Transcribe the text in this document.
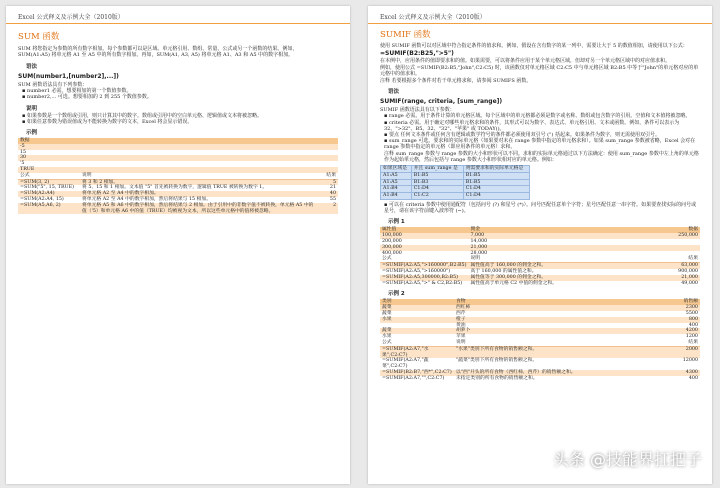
Excel 公式释义及示例大全（2010版）
SUM 函数
SUM 将您指定为参数的所有数字相加。每个参数都可以是区域、单元格引用、数组、常量、公式或另一个函数的结果。例如，
SUM(A1:A5) 将单元格 A1 至 A5 中的所有数字相加。再如，SUM(A1, A3, A5) 将单元格 A1、A3 和 A5 中的数字相加。
语法
SUM(number1,[number2],...])
SUM 函数语法具有下列参数：
▪ number1 必需。想要相加的第一个数值参数。
▪ number2,... 可选。想要相加的 2 到 255 个数值参数。
说明
▪ 如果参数是一个数组或引用，则只计算其中的数字。数组或引用中的空白单元格、逻辑值或文本将被忽略。
▪ 如果任意参数为错误值或为不能转换为数字的文本，Excel 将会显示错误。
示例
数据		
-5		
15		
30		
'5		
TRUE		
公式	说明	结果
=SUM(3, 2)	将 3 和 2 相加。	5
=SUM("5", 15, TRUE)	将 5、15 和 1 相加。文本值 "5" 首先被转换为数字，逻辑值 TRUE 被转换为数字 1。	21
=SUM(A2:A4)	将单元格 A2 至 A4 中的数字相加。	40
=SUM(A2:A4, 15)	将单元格 A2 至 A4 中的数字相加，然后将结果与 15 相加。	55
=SUM(A5,A6, 2)	将单元格 A5 和 A6 中的数字相加，然后将结果与 2 相加。由于引用中的非数字值不被转换，单元格 A5 中的值（'5）和单元格 A6 中的值（TRUE）均被视为文本，所以这些单元格中的值将被忽略。	2
Excel 公式释义及示例大全（2010版）
SUMIF 函数
使用 SUMIF 函数可以对区域中符合指定条件的值求和。例如，假设在含有数字的某一列中，需要让大于 5 的数值相加，请使用以下公式：
=SUMIF(B2:B25,">5")
在本例中，应用条件的值即要求和的值。如果需要，可以将条件应用于某个单元格区域，但却对另一个单元格区域中的对应值求和。
例如，使用公式 =SUMIF(B2:B5,"John",C2:C5) 时，该函数仅对单元格区域 C2:C5 中与单元格区域 B2:B5 中等于"John"的单元格对应的单元格中的值求和。
注释 若要根据多个条件对若干单元格求和，请参阅 SUMIFS 函数。
语法
SUMIF(range, criteria, [sum_range])
SUMIF 函数语法具有以下参数：
▪ range 必需。用于条件计算的单元格区域。每个区域中的单元格都必须是数字或名称、数组或包含数字的引用。空值和文本值将被忽略。
▪ criteria 必需。用于确定对哪些单元格求和的条件，其形式可以为数字、表达式、单元格引用、文本或函数。例如，条件可以表示为 32、">32"、B5、32、"32"、"苹果" 或 TODAY()。
▪ 要点 任何文本条件或任何含有逻辑或数学符号的条件都必须使用双引号 (") 括起来。如果条件为数字，则无需使用双引号。
▪ sum_range 可选。要求和的实际单元格（如果要对未在 range 参数中指定的单元格求和）。如果 sum_range 参数被省略，Excel 会对在 range 参数中指定的单元格（即应用条件的单元格）求和。
注释 sum_range 参数与 range 参数的大小和形状可以不同。求和的实际单元格通过以下方法确定：使用 sum_range 参数中左上角的单元格作为起始单元格，然后包括与 range 参数大小和形状相对应的单元格。例如：
如果区域是	并且 sum_range 是	则需要求和的实际单元格是
A1:A5	B1:B5	B1:B5
A1:A5	B1:B3	B1:B5
A1:B4	C1:D4	C1:D4
A1:B4	C1:C2	C1:D4
▪ 可以在 criteria 参数中使用通配符（包括问号 (?) 和星号 (*)）。问号匹配任意单个字符；星号匹配任意一串字符。如果要查找实际的问号或星号，请在该字符前键入波形符 (~)。
示例 1
属性值	佣金	数据
100,000	7,000	250,000
200,000	14,000	
300,000	21,000	
400,000	28,000	
公式	说明	结果
=SUMIF(A2:A5,">160000",B2:B5)	属性值高于 160,000 的佣金之和。	63,000
=SUMIF(A2:A5,">160000")	高于 160,000 的属性值之和。	900,000
=SUMIF(A2:A5,300000,B2:B5)	属性值等于 300,000 的佣金之和。	21,000
=SUMIF(A2:A5,">" & C2,B2:B5)	属性值高于单元格 C2 中值的佣金之和。	49,000
示例 2
类别	食物	销售额
蔬菜	西红柿	2300
蔬菜	西芹	5500
水果	橙子	800
	黄油	400
蔬菜	胡萝卜	4200
水果	苹果	1200
公式	说明	结果
=SUMIF(A2:A7,"水果",C2:C7)	"水果"类别下所有食物的销售额之和。	2000
=SUMIF(A2:A7,"蔬菜",C2:C7)	"蔬菜"类别下所有食物的销售额之和。	12000
=SUMIF(B2:B7,"西*",C2:C7)	以"西"开头的所有食物（西红柿、西芹）的销售额之和。	4300
=SUMIF(A2:A7,"",C2:C7)	未指定类别的所有食物的销售额之和。	400
头条 @技能界扛把子
